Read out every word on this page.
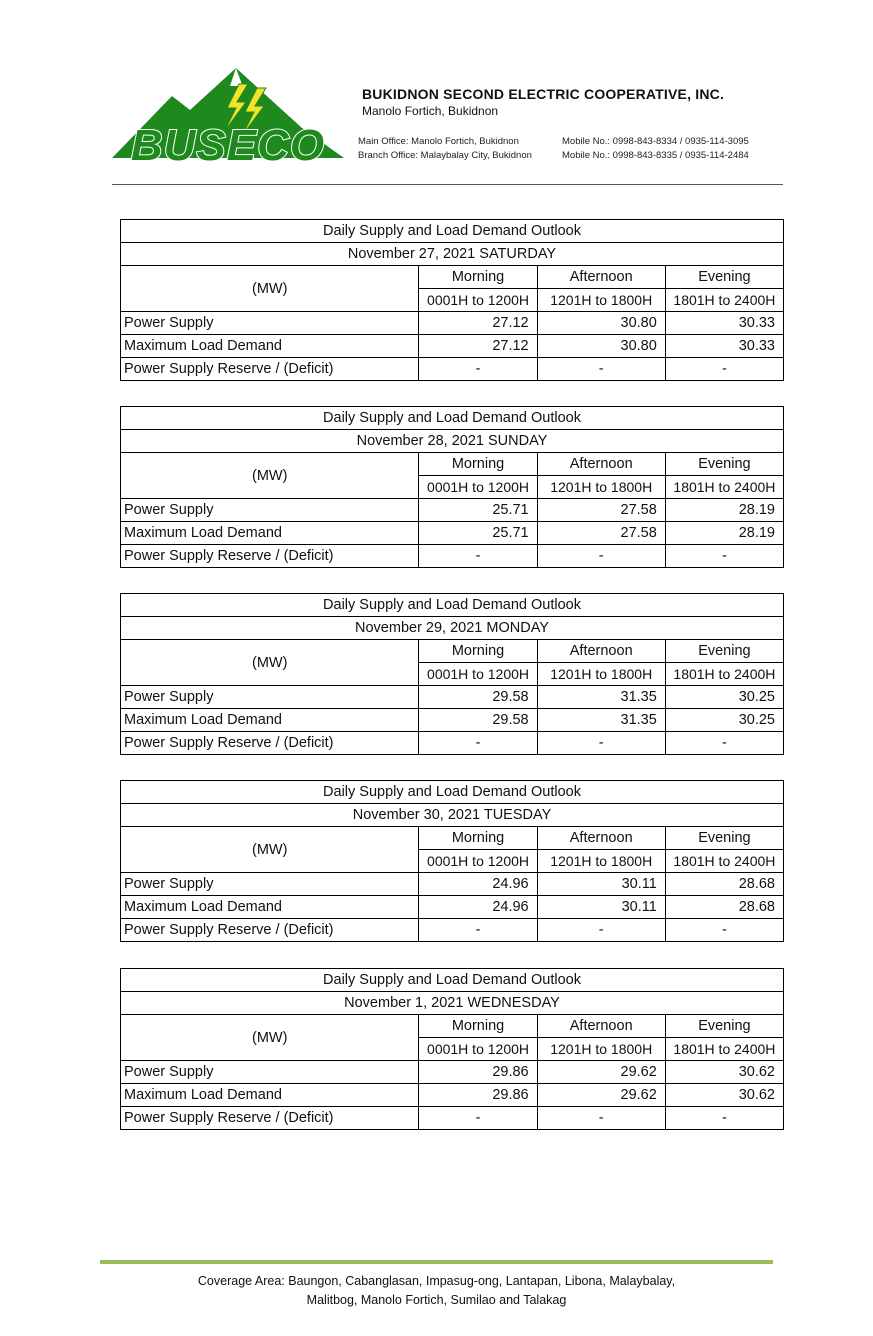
BUSECO
BUKIDNON SECOND ELECTRIC COOPERATIVE, INC.
Manolo Fortich, Bukidnon
Main Office: Manolo Fortich, Bukidnon	Mobile No.: 0998-843-8334 / 0935-114-3095
Branch Office: Malaybalay City, Bukidnon	Mobile No.: 0998-843-8335 / 0935-114-2484
Daily Supply and Load Demand Outlook			
November 27, 2021 SATURDAY			
(MW)	Morning	Afternoon	Evening
	0001H to 1200H	1201H to 1800H	1801H to 2400H
Power Supply	27.12	30.80	30.33
Maximum Load Demand	27.12	30.80	30.33
Power Supply Reserve / (Deficit)	-	-	-
Daily Supply and Load Demand Outlook			
November 28, 2021 SUNDAY			
(MW)	Morning	Afternoon	Evening
	0001H to 1200H	1201H to 1800H	1801H to 2400H
Power Supply	25.71	27.58	28.19
Maximum Load Demand	25.71	27.58	28.19
Power Supply Reserve / (Deficit)	-	-	-
Daily Supply and Load Demand Outlook			
November 29, 2021 MONDAY			
(MW)	Morning	Afternoon	Evening
	0001H to 1200H	1201H to 1800H	1801H to 2400H
Power Supply	29.58	31.35	30.25
Maximum Load Demand	29.58	31.35	30.25
Power Supply Reserve / (Deficit)	-	-	-
Daily Supply and Load Demand Outlook			
November 30, 2021 TUESDAY			
(MW)	Morning	Afternoon	Evening
	0001H to 1200H	1201H to 1800H	1801H to 2400H
Power Supply	24.96	30.11	28.68
Maximum Load Demand	24.96	30.11	28.68
Power Supply Reserve / (Deficit)	-	-	-
Daily Supply and Load Demand Outlook			
November 1, 2021 WEDNESDAY			
(MW)	Morning	Afternoon	Evening
	0001H to 1200H	1201H to 1800H	1801H to 2400H
Power Supply	29.86	29.62	30.62
Maximum Load Demand	29.86	29.62	30.62
Power Supply Reserve / (Deficit)	-	-	-
Coverage Area: Baungon, Cabanglasan, Impasug-ong, Lantapan, Libona, Malaybalay,
Malitbog, Manolo Fortich, Sumilao and Talakag
